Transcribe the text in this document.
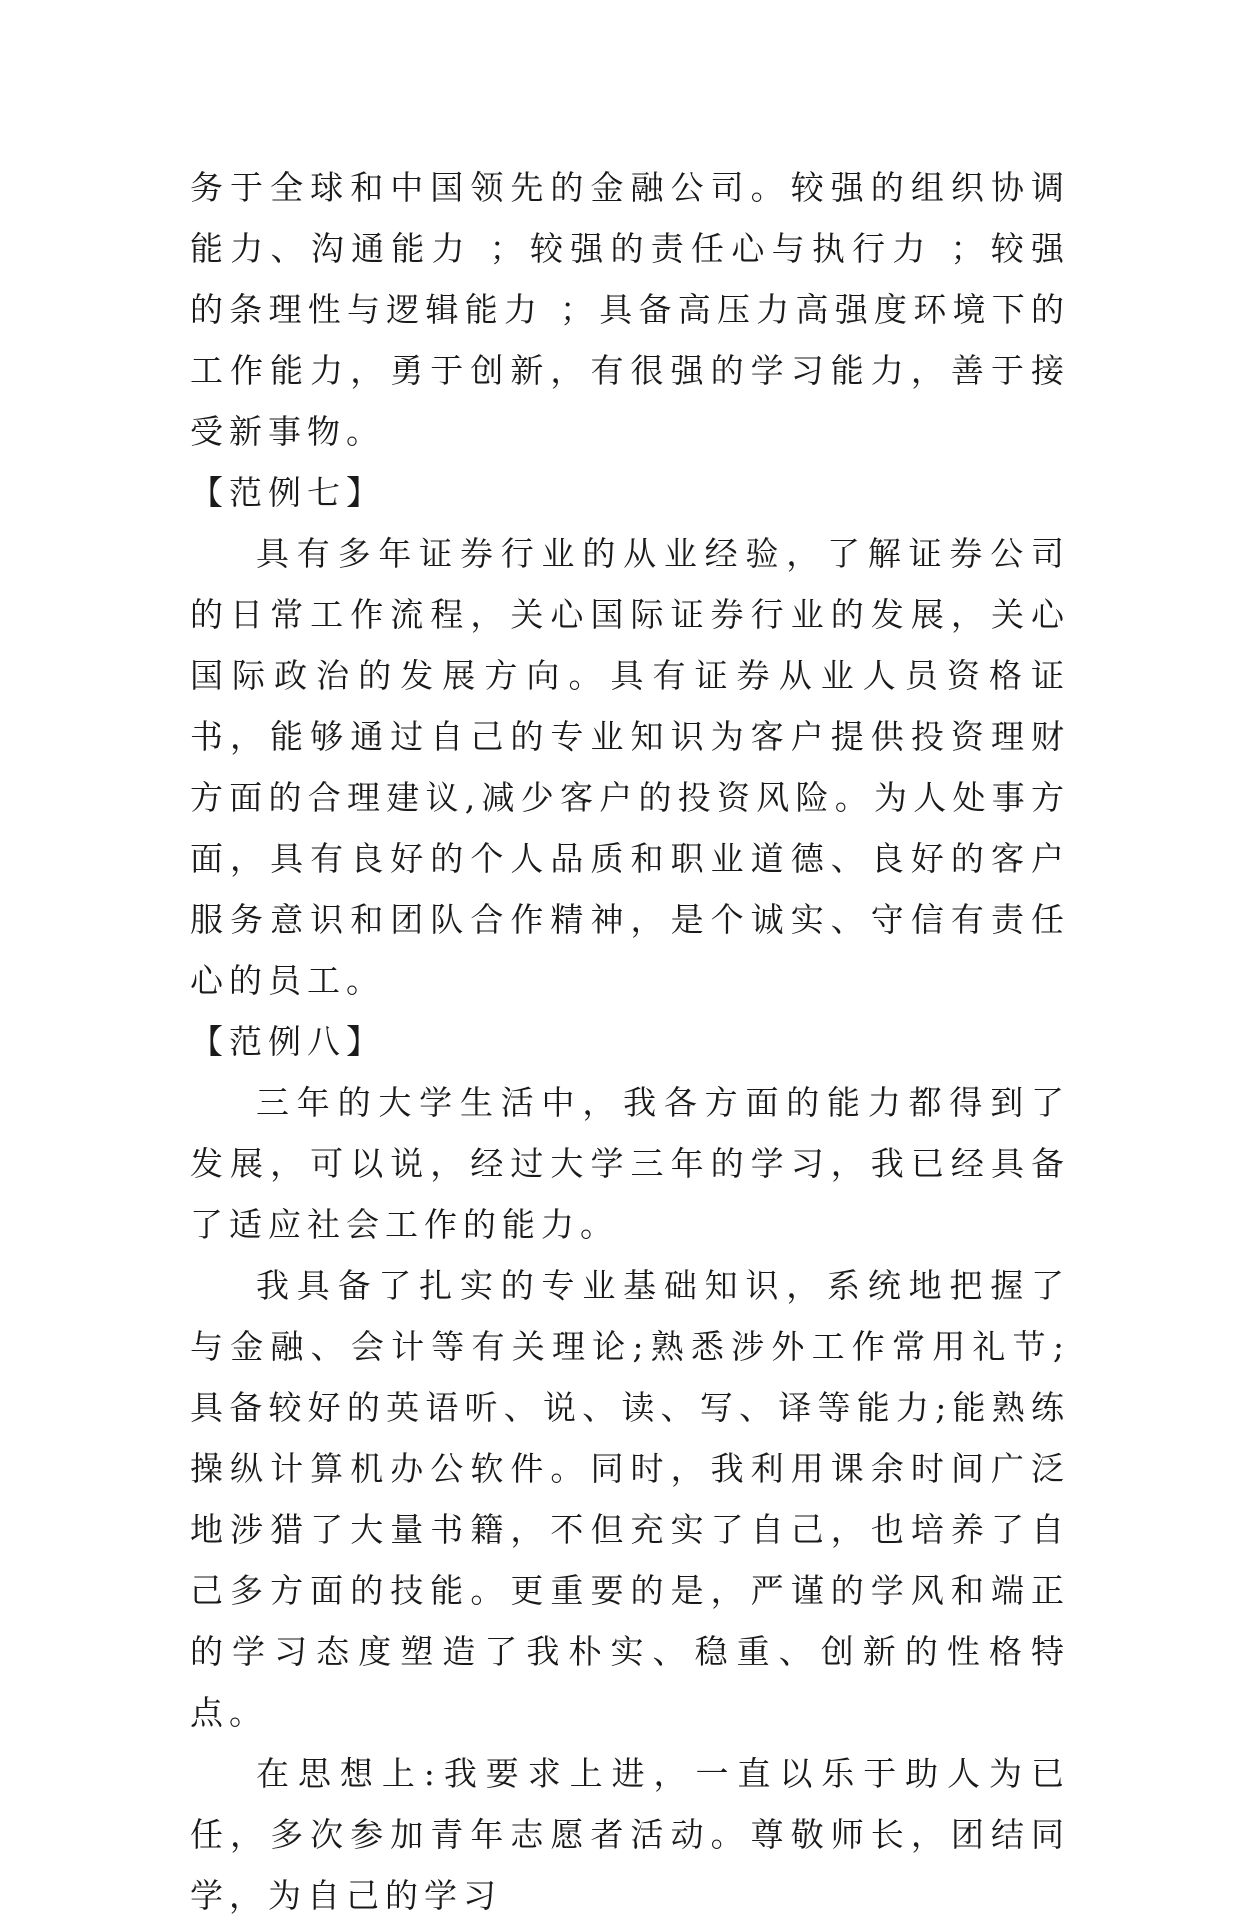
务于全球和中国领先的金融公司。较强的组织协调能力、沟通能力 ；较强的责任心与执行力 ；较强的条理性与逻辑能力 ；具备高压力高强度环境下的工作能力，勇于创新，有很强的学习能力，善于接受新事物。

【范例七】

具有多年证券行业的从业经验，了解证券公司的日常工作流程，关心国际证券行业的发展，关心国际政治的发展方向。具有证券从业人员资格证书，能够通过自己的专业知识为客户提供投资理财方面的合理建议,减少客户的投资风险。为人处事方面，具有良好的个人品质和职业道德、良好的客户服务意识和团队合作精神，是个诚实、守信有责任心的员工。

【范例八】

三年的大学生活中，我各方面的能力都得到了发展，可以说，经过大学三年的学习，我已经具备了适应社会工作的能力。

我具备了扎实的专业基础知识，系统地把握了与金融、会计等有关理论;熟悉涉外工作常用礼节;具备较好的英语听、说、读、写、译等能力;能熟练操纵计算机办公软件。同时，我利用课余时间广泛地涉猎了大量书籍，不但充实了自己，也培养了自己多方面的技能。更重要的是，严谨的学风和端正的学习态度塑造了我朴实、稳重、创新的性格特点。

在思想上:我要求上进，一直以乐于助人为已任，多次参加青年志愿者活动。尊敬师长，团结同学，为自己的学习
